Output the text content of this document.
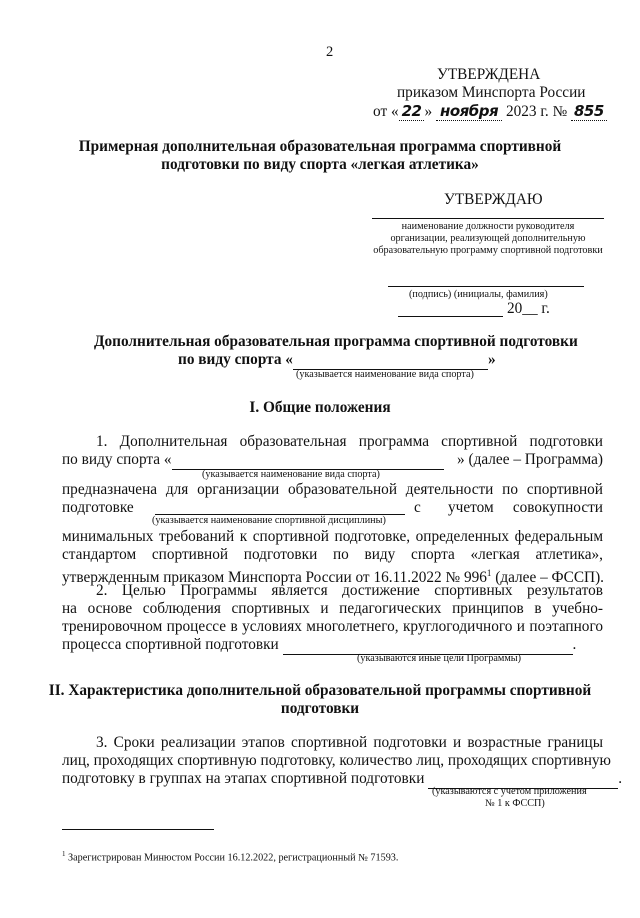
2
УТВЕРЖДЕНА
приказом Минспорта России
от « 22 » ноября 2023 г. № 855
Примерная дополнительная образовательная программа спортивной
подготовки по виду спорта «легкая атлетика»
УТВЕРЖДАЮ
наименование должности руководителя
организации, реализующей дополнительную
образовательную программу спортивной подготовки
(подпись) (инициалы, фамилия)
20__ г.
Дополнительная образовательная программа спортивной подготовки
по виду спорта «	»
(указывается наименование вида спорта)
I. Общие положения
1. Дополнительная образовательная программа спортивной подготовки
по виду спорта «	» (далее – Программа)
(указывается наименование вида спорта)
предназначена для организации образовательной деятельности по спортивной
подготовке	с учетом	совокупности
(указывается наименование спортивной дисциплины)
минимальных требований к спортивной подготовке, определенных федеральным
стандартом спортивной подготовки по виду спорта «легкая атлетика»,
утвержденным приказом Минспорта России от 16.11.2022 № $996^1$ (далее – ФССП).
2. Целью Программы является достижение спортивных результатов
на основе соблюдения спортивных и педагогических принципов в учебно-
тренировочном процессе в условиях многолетнего, круглогодичного и поэтапного
процесса спортивной подготовки	.
(указываются иные цели Программы)
II. Характеристика дополнительной образовательной программы спортивной
подготовки
3. Сроки реализации этапов спортивной подготовки и возрастные границы
лиц, проходящих спортивную подготовку, количество лиц, проходящих спортивную
подготовку в группах на этапах спортивной подготовки	.
(указываются с учетом приложения
№ 1 к ФССП)
$^1$ Зарегистрирован Минюстом России 16.12.2022, регистрационный № 71593.
